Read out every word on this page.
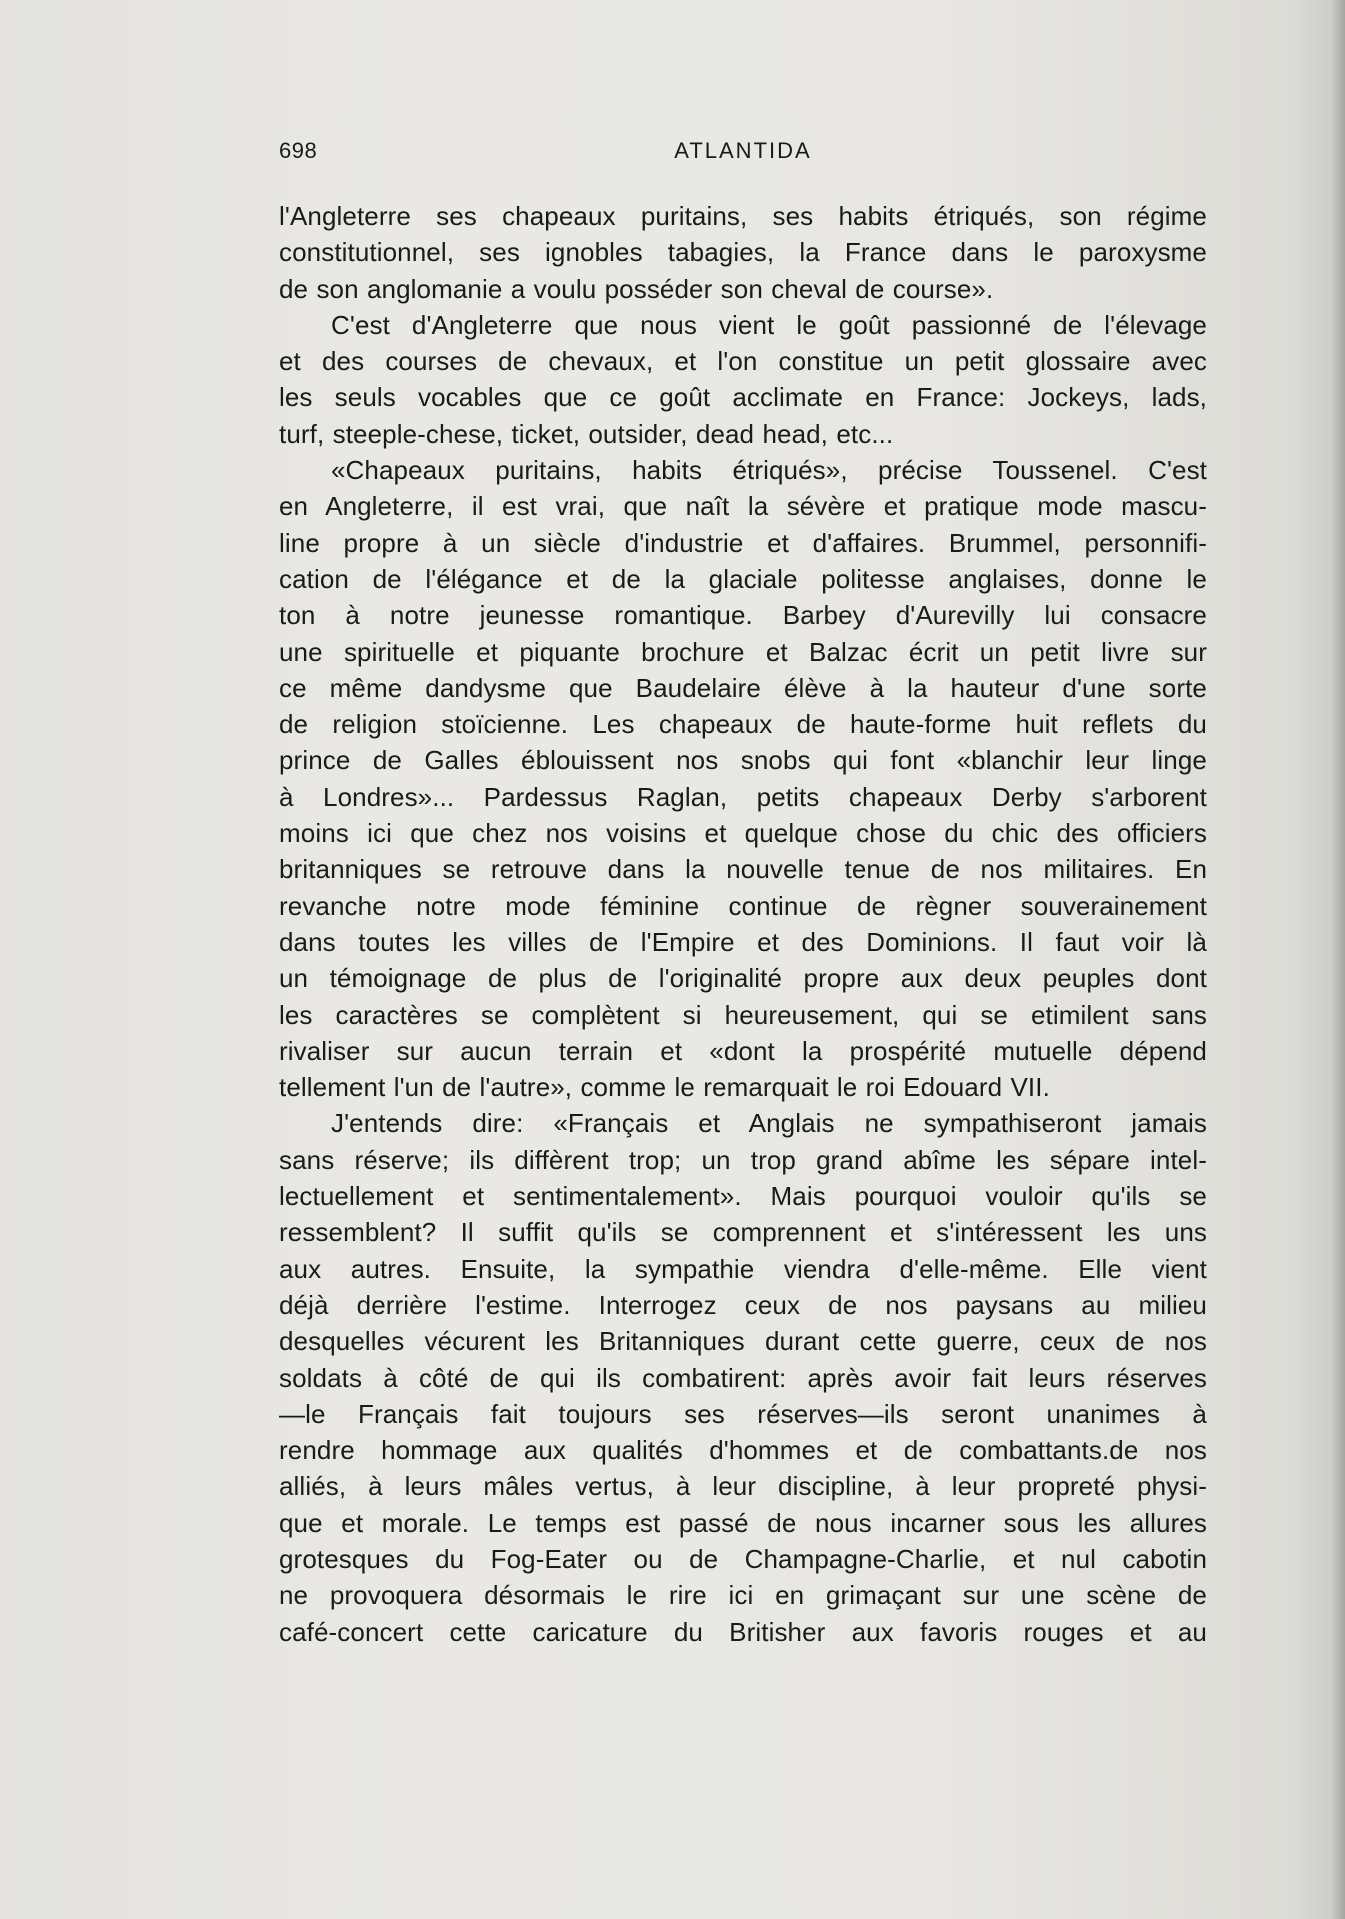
698	ATLANTIDA
l'Angleterre ses chapeaux puritains, ses habits étriqués, son régime
constitutionnel, ses ignobles tabagies, la France dans le paroxysme
de son anglomanie a voulu posséder son cheval de course».
C'est d'Angleterre que nous vient le goût passionné de l'élevage
et des courses de chevaux, et l'on constitue un petit glossaire avec
les seuls vocables que ce goût acclimate en France: Jockeys, lads,
turf, steeple-chese, ticket, outsider, dead head, etc...
«Chapeaux puritains, habits étriqués», précise Toussenel. C'est
en Angleterre, il est vrai, que naît la sévère et pratique mode mascu-
line propre à un siècle d'industrie et d'affaires. Brummel, personnifi-
cation de l'élégance et de la glaciale politesse anglaises, donne le
ton à notre jeunesse romantique. Barbey d'Aurevilly lui consacre
une spirituelle et piquante brochure et Balzac écrit un petit livre sur
ce même dandysme que Baudelaire élève à la hauteur d'une sorte
de religion stoïcienne. Les chapeaux de haute-forme huit reflets du
prince de Galles éblouissent nos snobs qui font «blanchir leur linge
à Londres»... Pardessus Raglan, petits chapeaux Derby s'arborent
moins ici que chez nos voisins et quelque chose du chic des officiers
britanniques se retrouve dans la nouvelle tenue de nos militaires. En
revanche notre mode féminine continue de règner souverainement
dans toutes les villes de l'Empire et des Dominions. Il faut voir là
un témoignage de plus de l'originalité propre aux deux peuples dont
les caractères se complètent si heureusement, qui se etimilent sans
rivaliser sur aucun terrain et «dont la prospérité mutuelle dépend
tellement l'un de l'autre», comme le remarquait le roi Edouard VII.
J'entends dire: «Français et Anglais ne sympathiseront jamais
sans réserve; ils diffèrent trop; un trop grand abîme les sépare intel-
lectuellement et sentimentalement». Mais pourquoi vouloir qu'ils se
ressemblent? Il suffit qu'ils se comprennent et s'intéressent les uns
aux autres. Ensuite, la sympathie viendra d'elle-même. Elle vient
déjà derrière l'estime. Interrogez ceux de nos paysans au milieu
desquelles vécurent les Britanniques durant cette guerre, ceux de nos
soldats à côté de qui ils combatirent: après avoir fait leurs réserves
—le Français fait toujours ses réserves—ils seront unanimes à
rendre hommage aux qualités d'hommes et de combattants.de nos
alliés, à leurs mâles vertus, à leur discipline, à leur propreté physi-
que et morale. Le temps est passé de nous incarner sous les allures
grotesques du Fog-Eater ou de Champagne-Charlie, et nul cabotin
ne provoquera désormais le rire ici en grimaçant sur une scène de
café-concert cette caricature du Britisher aux favoris rouges et au
